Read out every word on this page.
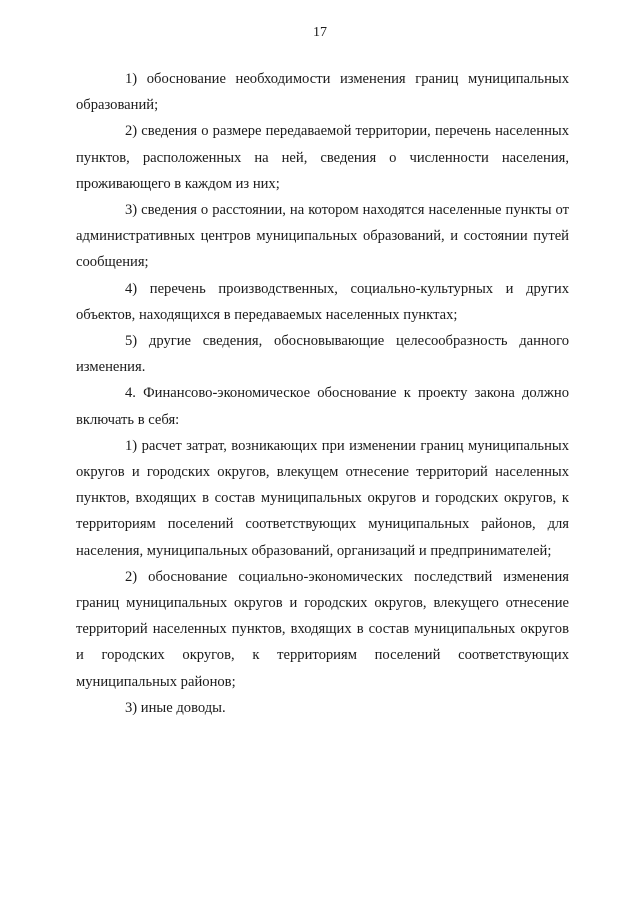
17

1) обоснование необходимости изменения границ муниципальных образований;

2) сведения о размере передаваемой территории, перечень населенных пунктов, расположенных на ней, сведения о численности населения, проживающего в каждом из них;

3) сведения о расстоянии, на котором находятся населенные пункты от административных центров муниципальных образований, и состоянии путей сообщения;

4) перечень производственных, социально-культурных и других объектов, находящихся в передаваемых населенных пунктах;

5) другие сведения, обосновывающие целесообразность данного изменения.

4. Финансово-экономическое обоснование к проекту закона должно включать в себя:

1) расчет затрат, возникающих при изменении границ муниципальных округов и городских округов, влекущем отнесение территорий населенных пунктов, входящих в состав муниципальных округов и городских округов, к территориям поселений соответствующих муниципальных районов, для населения, муниципальных образований, организаций и предпринимателей;

2) обоснование социально-экономических последствий изменения границ муниципальных округов и городских округов, влекущего отнесение территорий населенных пунктов, входящих в состав муниципальных округов и городских округов, к территориям поселений соответствующих муниципальных районов;

3) иные доводы.
